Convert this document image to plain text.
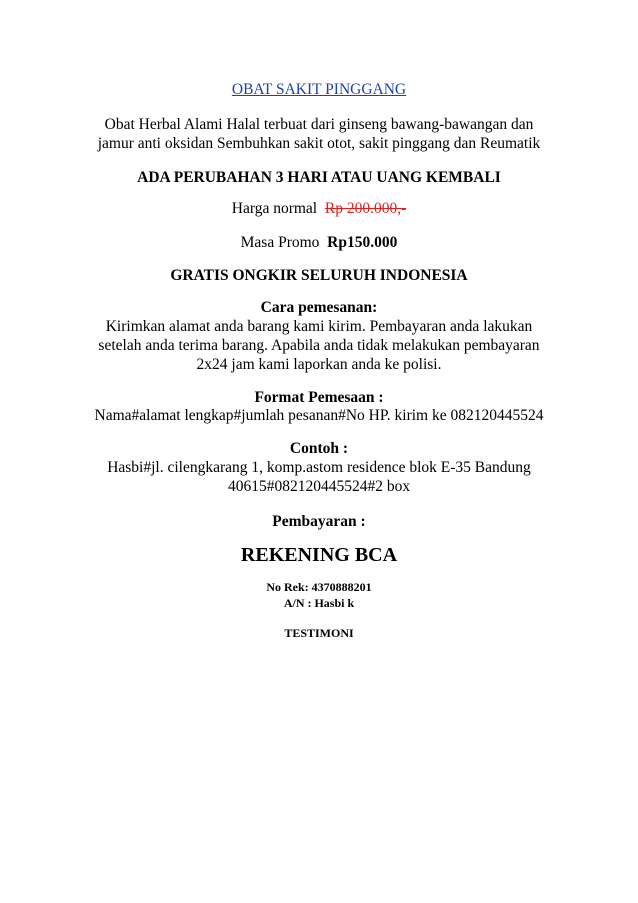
OBAT SAKIT PINGGANG
Obat Herbal Alami Halal terbuat dari ginseng bawang-bawangan dan
jamur anti oksidan Sembuhkan sakit otot, sakit pinggang dan Reumatik
ADA PERUBAHAN 3 HARI ATAU UANG KEMBALI
Harga normal Rp 200.000,-
Masa Promo Rp150.000
GRATIS ONGKIR SELURUH INDONESIA
Cara pemesanan:
Kirimkan alamat anda barang kami kirim. Pembayaran anda lakukan
setelah anda terima barang. Apabila anda tidak melakukan pembayaran
2x24 jam kami laporkan anda ke polisi.
Format Pemesaan :
Nama#alamat lengkap#jumlah pesanan#No HP. kirim ke 082120445524
Contoh :
Hasbi#jl. cilengkarang 1, komp.astom residence blok E-35 Bandung
40615#082120445524#2 box
Pembayaran :
REKENING BCA
No Rek: 4370888201
A/N : Hasbi k
TESTIMONI
